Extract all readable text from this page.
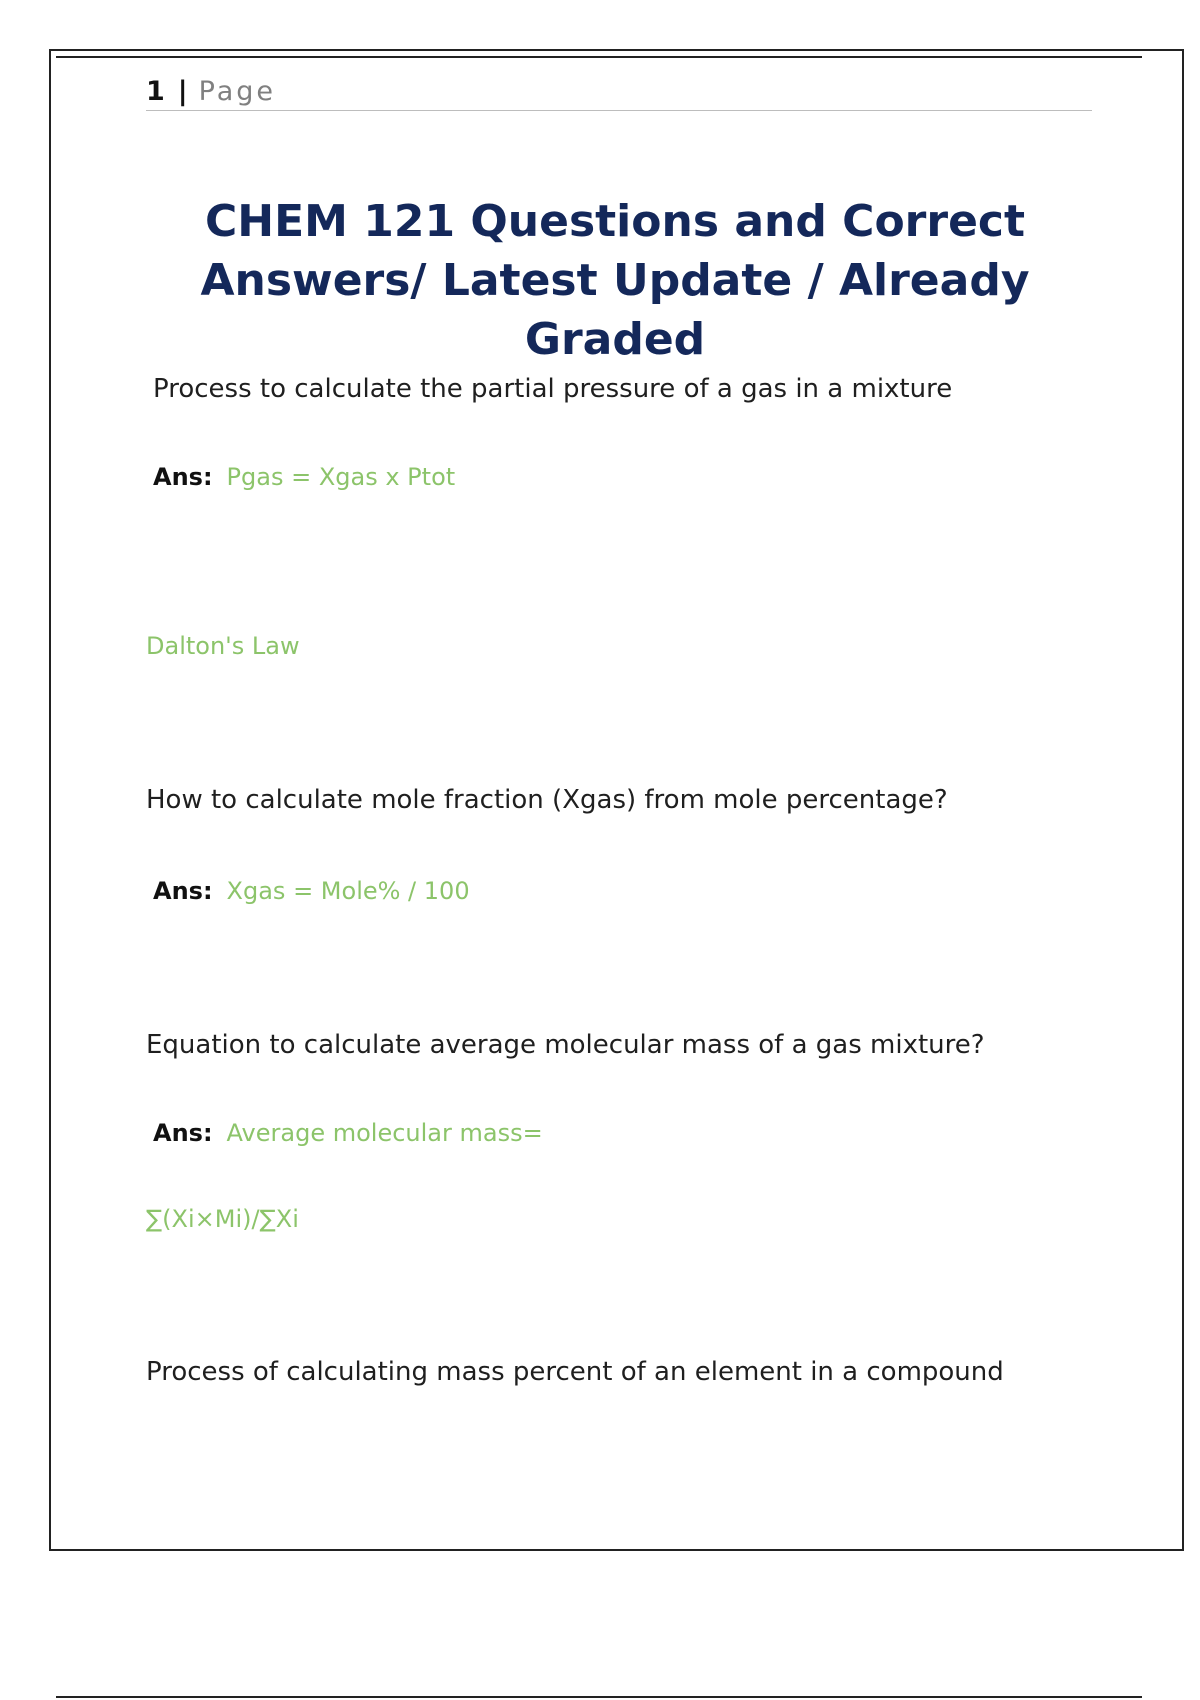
1 | Page
CHEM 121 Questions and Correct Answers/ Latest Update / Already Graded
Process to calculate the partial pressure of a gas in a mixture
Ans: Pgas = Xgas x Ptot
Dalton's Law
How to calculate mole fraction (Xgas) from mole percentage?
Ans: Xgas = Mole% / 100
Equation to calculate average molecular mass of a gas mixture?
Ans: Average molecular mass=
∑(Xi×Mi)/∑Xi
Process of calculating mass percent of an element in a compound
